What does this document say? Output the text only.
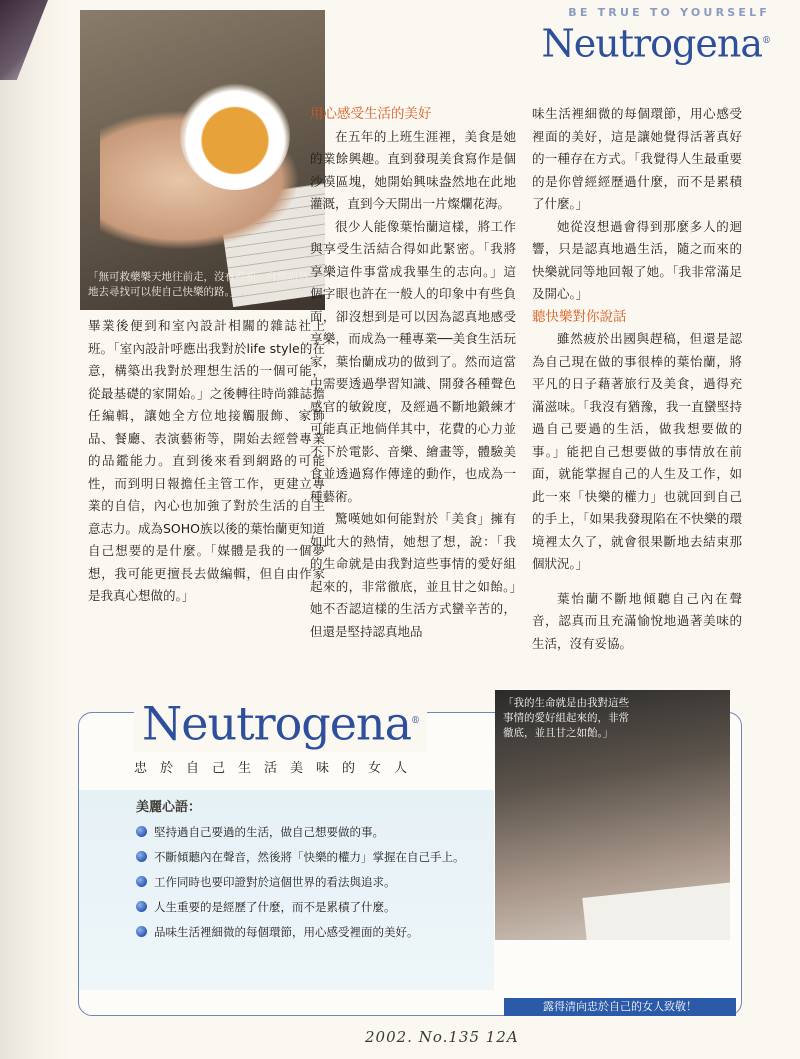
「無可救藥樂天地往前走，沒有停頓。自然而然地去尋找可以使自己快樂的路。」
BE TRUE TO YOURSELF
Neutrogena®

畢業後便到和室內設計相關的雜誌社上班。「室內設計呼應出我對於life style的在意，構築出我對於理想生活的一個可能，從最基礎的家開始。」之後轉往時尚雜誌擔任編輯，讓她全方位地接觸服飾、家飾品、餐廳、表演藝術等，開始去經營專業的品鑑能力。直到後來看到網路的可能性，而到明日報擔任主管工作，更建立專業的自信，內心也加強了對於生活的自主意志力。成為SOHO族以後的葉怡蘭更知道自己想要的是什麼。「媒體是我的一個夢想，我可能更擅長去做編輯，但自由作家是我真心想做的。」

用心感受生活的美好

在五年的上班生涯裡，美食是她的業餘興趣。直到發現美食寫作是個沙漠區塊，她開始興味盎然地在此地灌溉，直到今天開出一片燦爛花海。

很少人能像葉怡蘭這樣，將工作與享受生活結合得如此緊密。「我將享樂這件事當成我畢生的志向。」這個字眼也許在一般人的印象中有些負面，卻沒想到是可以因為認真地感受享樂，而成為一種專業──美食生活玩家，葉怡蘭成功的做到了。然而這當中需要透過學習知識、開發各種聲色感官的敏銳度，及經過不斷地鍛練才可能真正地倘佯其中，花費的心力並不下於電影、音樂、繪畫等，體驗美食並透過寫作傳達的動作，也成為一種藝術。

驚嘆她如何能對於「美食」擁有如此大的熱情，她想了想，說：「我的生命就是由我對這些事情的愛好組起來的，非常徹底，並且甘之如飴。」她不否認這樣的生活方式蠻辛苦的，但還是堅持認真地品

味生活裡細微的每個環節，用心感受裡面的美好，這是讓她覺得活著真好的一種存在方式。「我覺得人生最重要的是你曾經經歷過什麼，而不是累積了什麼。」

她從沒想過會得到那麼多人的迴響，只是認真地過生活，隨之而來的快樂就同等地回報了她。「我非常滿足及開心。」

聽快樂對你說話

雖然疲於出國與趕稿，但還是認為自己現在做的事很棒的葉怡蘭，將平凡的日子藉著旅行及美食，過得充滿滋味。「我沒有猶豫，我一直蠻堅持過自己要過的生活，做我想要做的事。」能把自己想要做的事情放在前面，就能掌握自己的人生及工作，如此一來「快樂的權力」也就回到自己的手上，「如果我發現陷在不快樂的環境裡太久了，就會很果斷地去結束那個狀況。」

葉怡蘭不斷地傾聽自己內在聲音，認真而且充滿愉悅地過著美味的生活，沒有妥協。

Neutrogena®
忠於自己生活美味的女人
美麗心語：
堅持過自己要過的生活，做自己想要做的事。
不斷傾聽內在聲音，然後將「快樂的權力」掌握在自己手上。
工作同時也要印證對於這個世界的看法與追求。
人生重要的是經歷了什麼，而不是累積了什麼。
品味生活裡細微的每個環節，用心感受裡面的美好。
「我的生命就是由我對這些事情的愛好組起來的，非常徹底，並且甘之如飴。」
露得清向忠於自己的女人致敬！
2002. No.135 12A
